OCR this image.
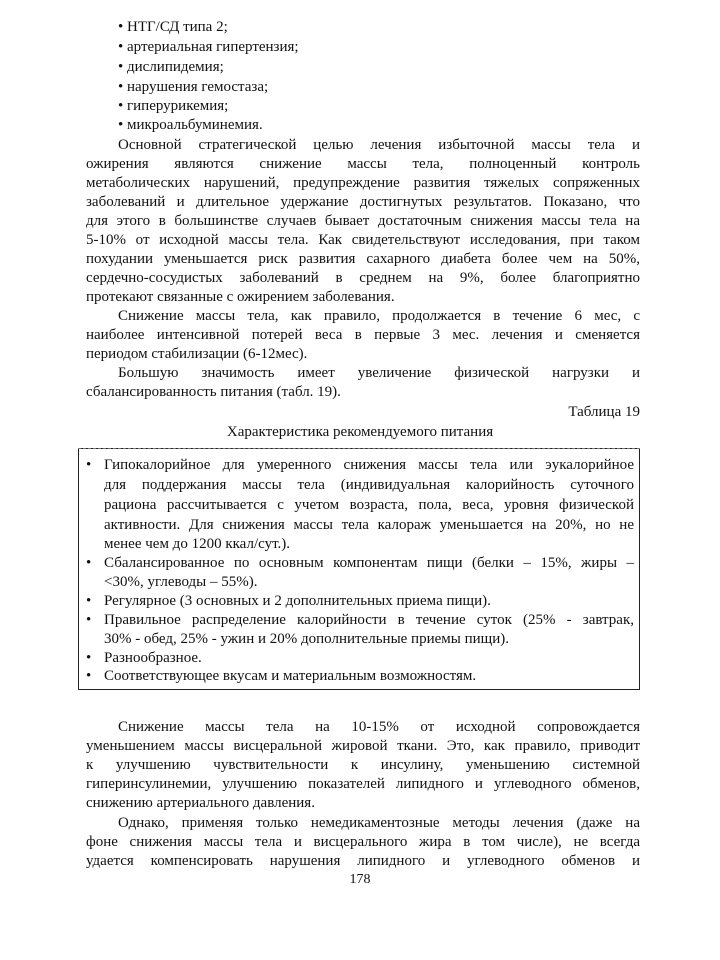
• НТГ/СД типа 2;
• артериальная гипертензия;
• дислипидемия;
• нарушения гемостаза;
• гиперурикемия;
• микроальбуминемия.
Основной стратегической целью лечения избыточной массы тела и
ожирения являются снижение массы тела, полноценный контроль
метаболических нарушений, предупреждение развития тяжелых сопряженных
заболеваний и длительное удержание достигнутых результатов. Показано, что
для этого в большинстве случаев бывает достаточным снижения массы тела на
5-10% от исходной массы тела. Как свидетельствуют исследования, при таком
похудании уменьшается риск развития сахарного диабета более чем на 50%,
сердечно-сосудистых заболеваний в среднем на 9%, более благоприятно
протекают связанные с ожирением заболевания.
Снижение массы тела, как правило, продолжается в течение 6 мес, с
наиболее интенсивной потерей веса в первые 3 мес. лечения и сменяется
периодом стабилизации (6-12мес).
Большую значимость имеет увеличение физической нагрузки и
сбалансированность питания (табл. 19).
Таблица 19
Характеристика рекомендуемого питания
• Гипокалорийное для умеренного снижения массы тела или эукалорийное
для поддержания массы тела (индивидуальная калорийность суточного
рациона рассчитывается с учетом возраста, пола, веса, уровня физической
активности. Для снижения массы тела калораж уменьшается на 20%, но не
менее чем до 1200 ккал/сут.).
• Сбалансированное по основным компонентам пищи (белки – 15%, жиры –
<30%, углеводы – 55%).
• Регулярное (3 основных и 2 дополнительных приема пищи).
• Правильное распределение калорийности в течение суток (25% - завтрак,
30% - обед, 25% - ужин и 20% дополнительные приемы пищи).
• Разнообразное.
• Соответствующее вкусам и материальным возможностям.
Снижение массы тела на 10-15% от исходной сопровождается
уменьшением массы висцеральной жировой ткани. Это, как правило, приводит
к улучшению чувствительности к инсулину, уменьшению системной
гиперинсулинемии, улучшению показателей липидного и углеводного обменов,
снижению артериального давления.
Однако, применяя только немедикаментозные методы лечения (даже на
фоне снижения массы тела и висцерального жира в том числе), не всегда
удается компенсировать нарушения липидного и углеводного обменов и
178
